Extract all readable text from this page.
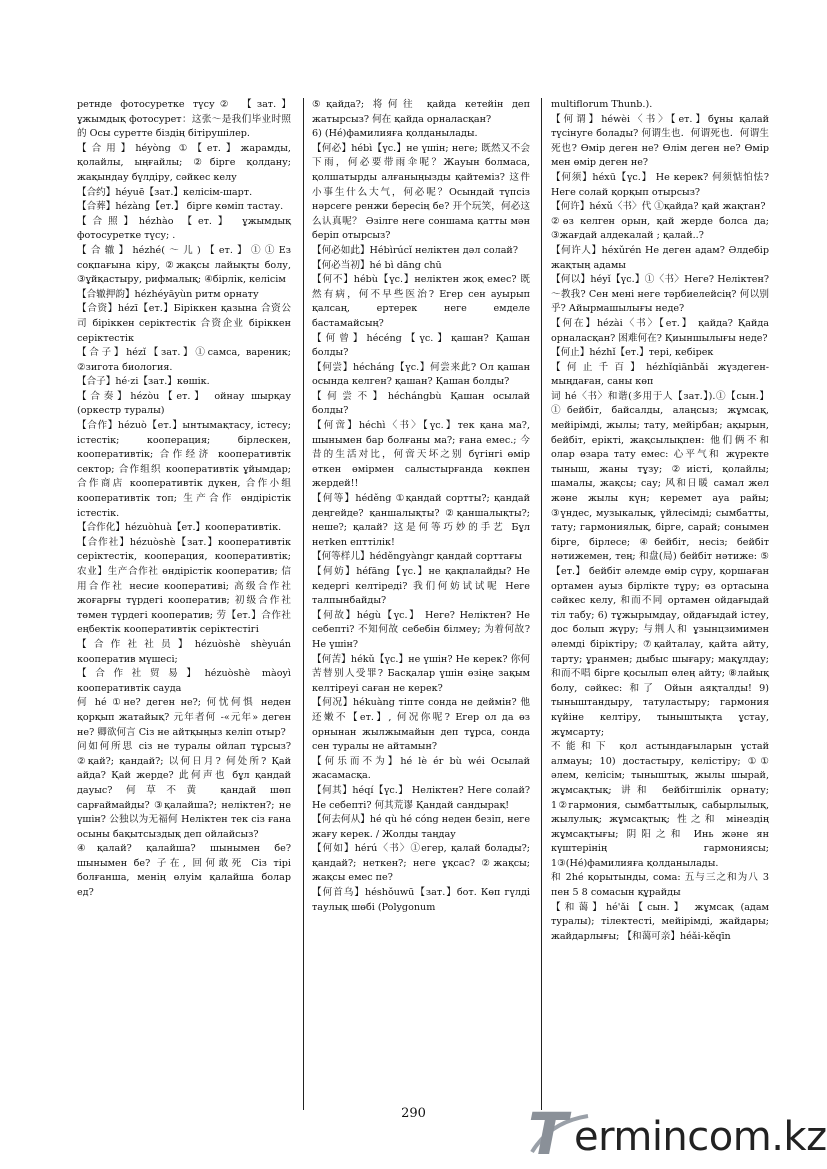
ретнде фотосуретке түсу② 【зат.】ұжымдық фотосурет：这张～是我们毕业时照的 Осы суретте біздің бітірушілер.

【合用】héyòng ①【ет.】жарамды, қолайлы, ыңғайлы; ②бірге қолдану; жақындау бүлдіру, сәйкес келу

【合约】héyuē【зат.】келісім-шарт.

【合葬】hézàng【ет.】 бірге көміп тастау.

【合照】hézhào 【ет.】 ұжымдық фотосуретке түсу; .

【合辙】hézhé(～儿)【ет.】①①Ез соқпағына кіру, ②жақсы лайықты болу, ③ұйқастыру, рифмалық; ④бірлік, келісім

【合辙押韵】hézhéyāyùn ритм орнату

【合资】hézī【ет.】Біріккен қазына 合资公司 біріккен серіктестік 合资企业 біріккен серіктестік

【合子】hézǐ【зат.】①самса, вареник; ②зигота биология.

【合子】hé·zi【зат.】көшік.

【合奏】hézòu【ет.】 ойнау шырқау (оркестр туралы)

【合作】hézuò【ет.】ынтымақтасу, істесу; істестік; кооперация; бірлескен, кооперативтік; 合作经济 кооперативтік сектор; 合作组织 кооперативтік ұйымдар; 合作商店 кооперативтік дүкен, 合作小组 кооперативтік топ; 生产合作 өндірістік істестік.

【合作化】hézuòhuà【ет.】кооперативтік.

【合作社】hézuòshè【зат.】кооперативтік серіктестік, кооперация, кооперативтік; 农业】生产合作社 өндірістік кооператив; 信用合作社 несие кооперативі; 高级合作社 жоғарғы түрдегі кооператив; 初级合作社 төмен түрдегі кооператив; 劳【ет.】合作社 еңбектік кооперативтік серіктестігі

【合作社社员】hézuòshè shèyuán кооператив мүшесі;

【合作社贸易】hézuòshè màoyì кооперативтік сауда

何 hé ①не? деген не?; 何忧何惧 неден қорқып жатайық? 元年者何 -«元年» деген не? 卿欲何言 Сіз не айтқыңыз келіп отыр?

问如何所思 сіз не туралы ойлап тұрсыз? ②қай?; қандай?; 以何日月? 何处所? Қай айда? Қай жерде? 此何声也 бұл қандай дауыс? 何草不黄 қандай шөп сарғаймайды? ③қалайша?; неліктен?; не үшін? 公独以为无福何 Неліктен тек сіз ғана осыны бақытсыздық деп ойлайсыз?

④қалай? қалайша? шынымен бе? шынымен бе? 子在, 回何敢死 Сіз тірі болғанша, менің өлуім қалайша болар ед?

⑤қайда?; 将何往 қайда кетейін деп жатырсыз? 何在 қайда орналасқан?

6) (Hé)фамилияға қолданылады.

【何必】hébì【үс.】не үшін; неге; 既然又不会下雨，何必要带雨伞呢？Жауын болмаса, қолшатырды алғаныңызды қайтеміз? 这件小事生什么大气，何必呢？Осындай түпсіз нәрсеге ренжи бересің бе? 开个玩笑，何必这么认真呢？ Әзілге неге соншама қатты мән беріп отырсыз?

【何必如此】Hébìrúcǐ неліктен дәл солай?

【何必当初】hé bì dāng chū

【何不】hébù【үс.】неліктен жоқ емес? 既然有病，何不早些医治? Егер сен ауырып қалсаң, ертерек неге емделе бастамайсың?

【何曾】hécéng【үс.】қашан? Қашан болды?

【何尝】hécháng【үс.】何尝来此? Ол қашан осында келген? қашан? Қашан болды?

【何尝不】héchángbù Қашан осылай болды?

【何啻】héchì〈书〉【үс.】тек қана ма?, шынымен бар болғаны ма?; ғана емес.; 今昔的生活对比，何啻天坏之别 бүгінгі өмір өткен өмірмен салыстырғанда көкпен жердей!!

【何等】héděng ①қандай сортты?; қандай деңгейде? қаншалықты? ②қаншалықты?; неше?; қалай? 这是何等巧妙的手艺 Бұл нетken епттілік!

【何等样儿】héděngyàngr қандай сорттағы

【何妨】héfāng【үс.】не қақпалайды? Не кедергі келтіреді? 我们何妨试试呢 Неге талпынбайды?

【何故】hégù【үс.】 Неге? Неліктен? Не себепті? 不知何故 себебін білмеу; 为着何故? Не үшін?

【何苦】hékǔ【үс.】не үшін? Не керек? 你何苦替别人受罪? Басқалар үшін өзіңе зақым келтіреуі саған не керек?

【何况】hékuàng тіпте сонда не деймін? 他还嫩不【ет.】, 何况你呢? Егер ол да өз орнынан жылжымайын деп тұрса, сонда сен туралы не айтамын?

【何乐而不为】hé lè ér bù wéi Осылай жасамасқа.

【何其】héqí【үс.】 Неліктен? Неге солай? Не себепті? 何其荒谬 Қандай сандырақ!

【何去何从】hé qù hé cóng неден безіп, неге жағу керек. / Жолды таңдау

【何如】hérú〈书〉①егер, қалай болады?; қандай?; неткен?; неге ұқсас? ②жақсы; жақсы емес пе?

【何首乌】héshǒuwū【зат.】бот. Көп гүлді таулық шөбі (Polygonum

multiflorum Thunb.).

【何谓】héwèi〈书〉【ет.】бұны қалай түсінуге болады? 何谓生也．何谓死也．何谓生死也? Өмір деген не? Өлім деген не? Өмір мен өмір деген не?

【何须】héxū【үс.】 Не керек? 何须惦怕怯? Неге солай қорқып отырсыз?

【何许】héxǔ〈书〉代 ①қайда? қай жақтан?

②өз келген орын, қай жерде болса да; ③жағдай алдекалай ; қалай..?

【何许人】héxǔrén Не деген адам? Әлдебір жақтың адамы

【何以】héyǐ【үс.】①〈书〉Неге? Неліктен? ～教我? Сен мені неге тәрбиелейсің? 何以别乎? Айырмашылығы неде?

【何在】hézài〈书〉【ет.】 қайда? Қайда орналасқан? 困难何在? Қиыншылығы неде?

【何止】hézhǐ【ет.】тері, кебірек

【何止千百】hézhǐqiānbǎi жүздеген-мыңдаған, саны көп

词 hé〈书〉和谐(多用于人【зат.】).①【сын.】 ①бейбіт, байсалды, алаңсыз; жұмсақ, мейірімді, жылы; тату, мейірбан; ақырын, бейбіт, ерікті, жақсылықпен: 他们俩不和 олар өзара тату емес: 心平气和 жүректе тыныш, жаны тұзу; ②иісті, қолайлы; шамалы, жақсы; сау; 风和日暖 самал жел және жылы күн; керемет ауа райы; ③үндес, музыкалық, үйлесімді; сымбатты, тату; гармониялық, бірге, сарай; сонымен бірге, бірлесе; ④бейбіт, несіз; бейбіт нәтижемен, тең; 和盘(局) бейбіт нәтиже: ⑤ 【ет.】 бейбіт әлемде өмір сүру, қоршаған ортамен ауыз бірлікте тұру; өз ортасына сәйкес келу, 和而不同 ортамен ойдағыдай тіл табу; 6) тұжырымдау, ойдағыдай істеу, дос болып жүру; 与荆人和 ұзынцзимимен әлемді біріктіру; ⑦қайталау, қайта айту, тарту; ұранмен; дыбыс шығару; мақұлдау; 和而不唱 бірге қосылып өлең айту; ⑧лайық болу, сәйкес: 和了 Ойын аяқталды! 9) тыныштандыру, татуластыру; гармония күйіне келтіру, тыныштықта ұстау, жұмсарту;

不能和下 қол астындағыларын ұстай алмауы; 10) достастыру, келістіру; ①① әлем, келісім; тыныштық, жылы шырай, жұмсақтық; 讲和 бейбітшілік орнату; 1②гармония, сымбаттылық, сабырлылық, жылулық; жұмсақтық; 性之和 мінездің жұмсақтығы; 阴阳之和 Инь және ян күштерінің гармониясы; 1③(Hé)фамилияға қолданылады.

和 2hé қорытынды, сома: 五与三之和为八 3 пен 5 8 сомасын құрайды

【和蔼】hé'ǎi【сын.】 жұмсақ (адам туралы); тілектесті, мейірімді, жайдары; жайдарлығы; 【和蔼可亲】héǎi-kěqīn

290	T ermincom.kz
